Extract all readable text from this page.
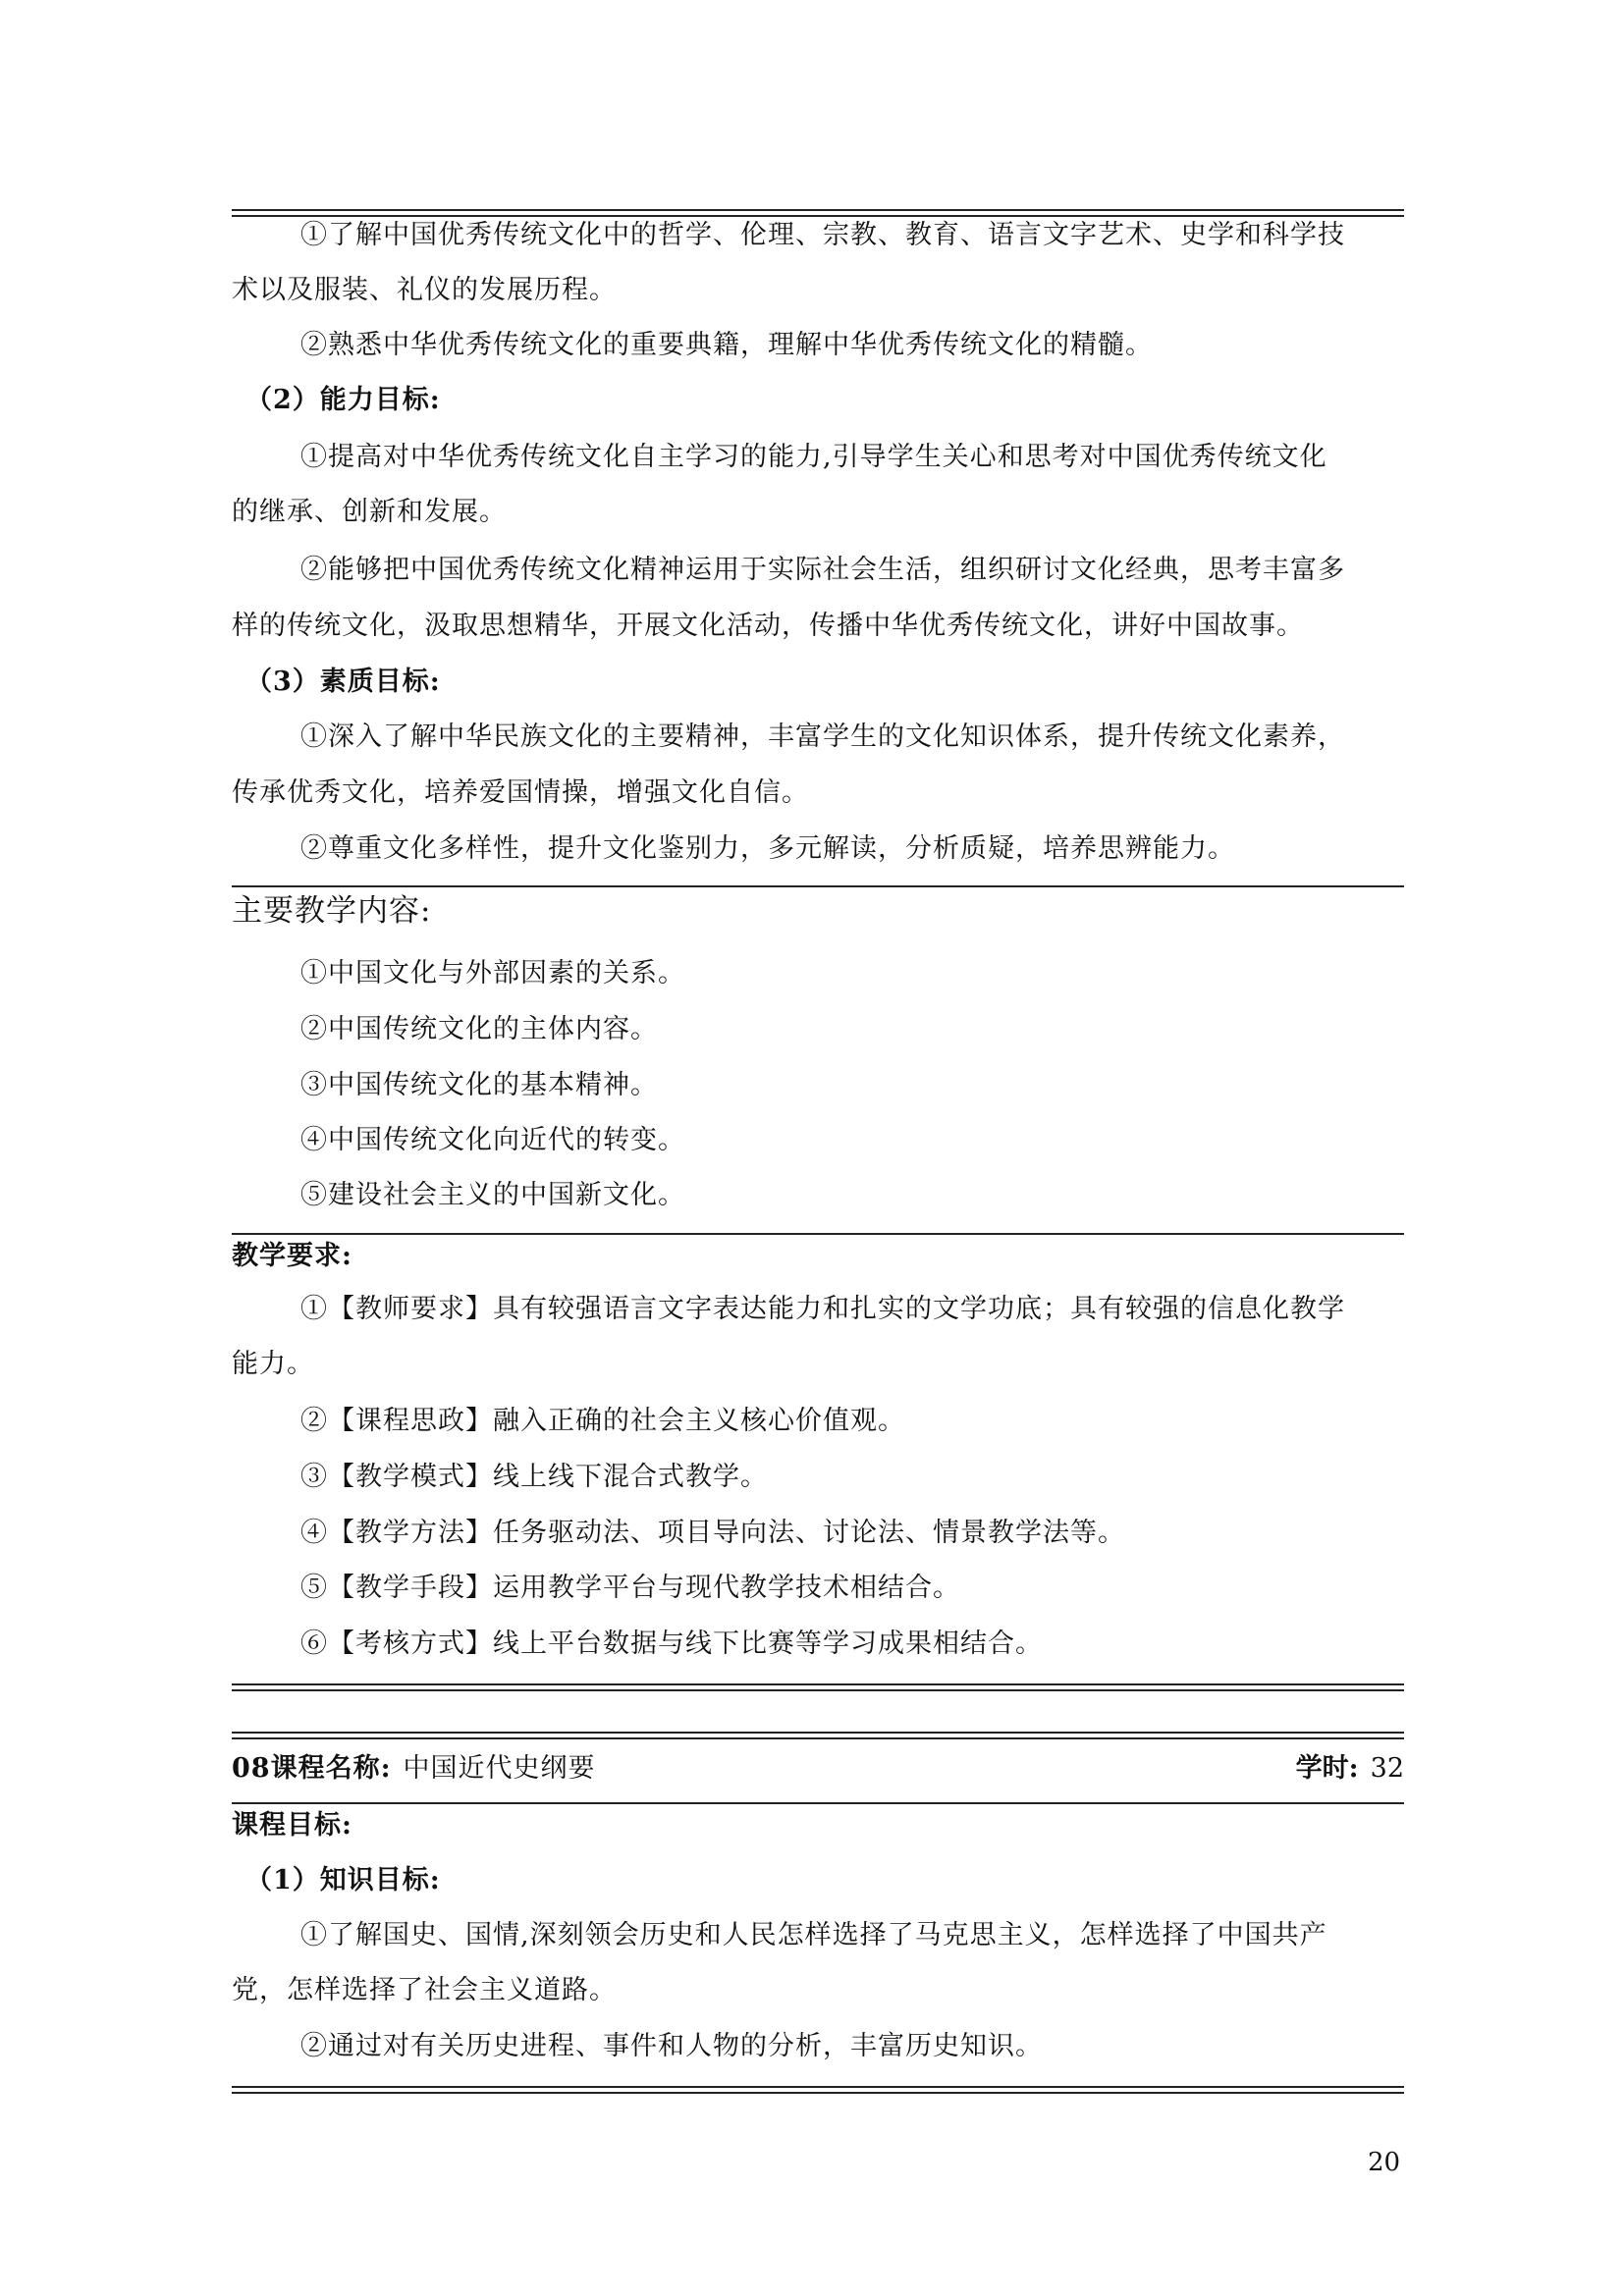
①了解中国优秀传统文化中的哲学、伦理、宗教、教育、语言文字艺术、史学和科学技
术以及服装、礼仪的发展历程。
②熟悉中华优秀传统文化的重要典籍，理解中华优秀传统文化的精髓。
（2）能力目标:
①提高对中华优秀传统文化自主学习的能力,引导学生关心和思考对中国优秀传统文化
的继承、创新和发展。
②能够把中国优秀传统文化精神运用于实际社会生活，组织研讨文化经典，思考丰富多
样的传统文化，汲取思想精华，开展文化活动，传播中华优秀传统文化，讲好中国故事。
（3）素质目标:
①深入了解中华民族文化的主要精神，丰富学生的文化知识体系，提升传统文化素养，
传承优秀文化，培养爱国情操，增强文化自信。
②尊重文化多样性，提升文化鉴别力，多元解读，分析质疑，培养思辨能力。
主要教学内容:
①中国文化与外部因素的关系。
②中国传统文化的主体内容。
③中国传统文化的基本精神。
④中国传统文化向近代的转变。
⑤建设社会主义的中国新文化。
教学要求:
①【教师要求】具有较强语言文字表达能力和扎实的文学功底；具有较强的信息化教学
能力。
②【课程思政】融入正确的社会主义核心价值观。
③【教学模式】线上线下混合式教学。
④【教学方法】任务驱动法、项目导向法、讨论法、情景教学法等。
⑤【教学手段】运用教学平台与现代教学技术相结合。
⑥【考核方式】线上平台数据与线下比赛等学习成果相结合。
08课程名称: 中国近代史纲要	学时: 32
课程目标:
（1）知识目标:
①了解国史、国情,深刻领会历史和人民怎样选择了马克思主义，怎样选择了中国共产
党，怎样选择了社会主义道路。
②通过对有关历史进程、事件和人物的分析，丰富历史知识。
20
